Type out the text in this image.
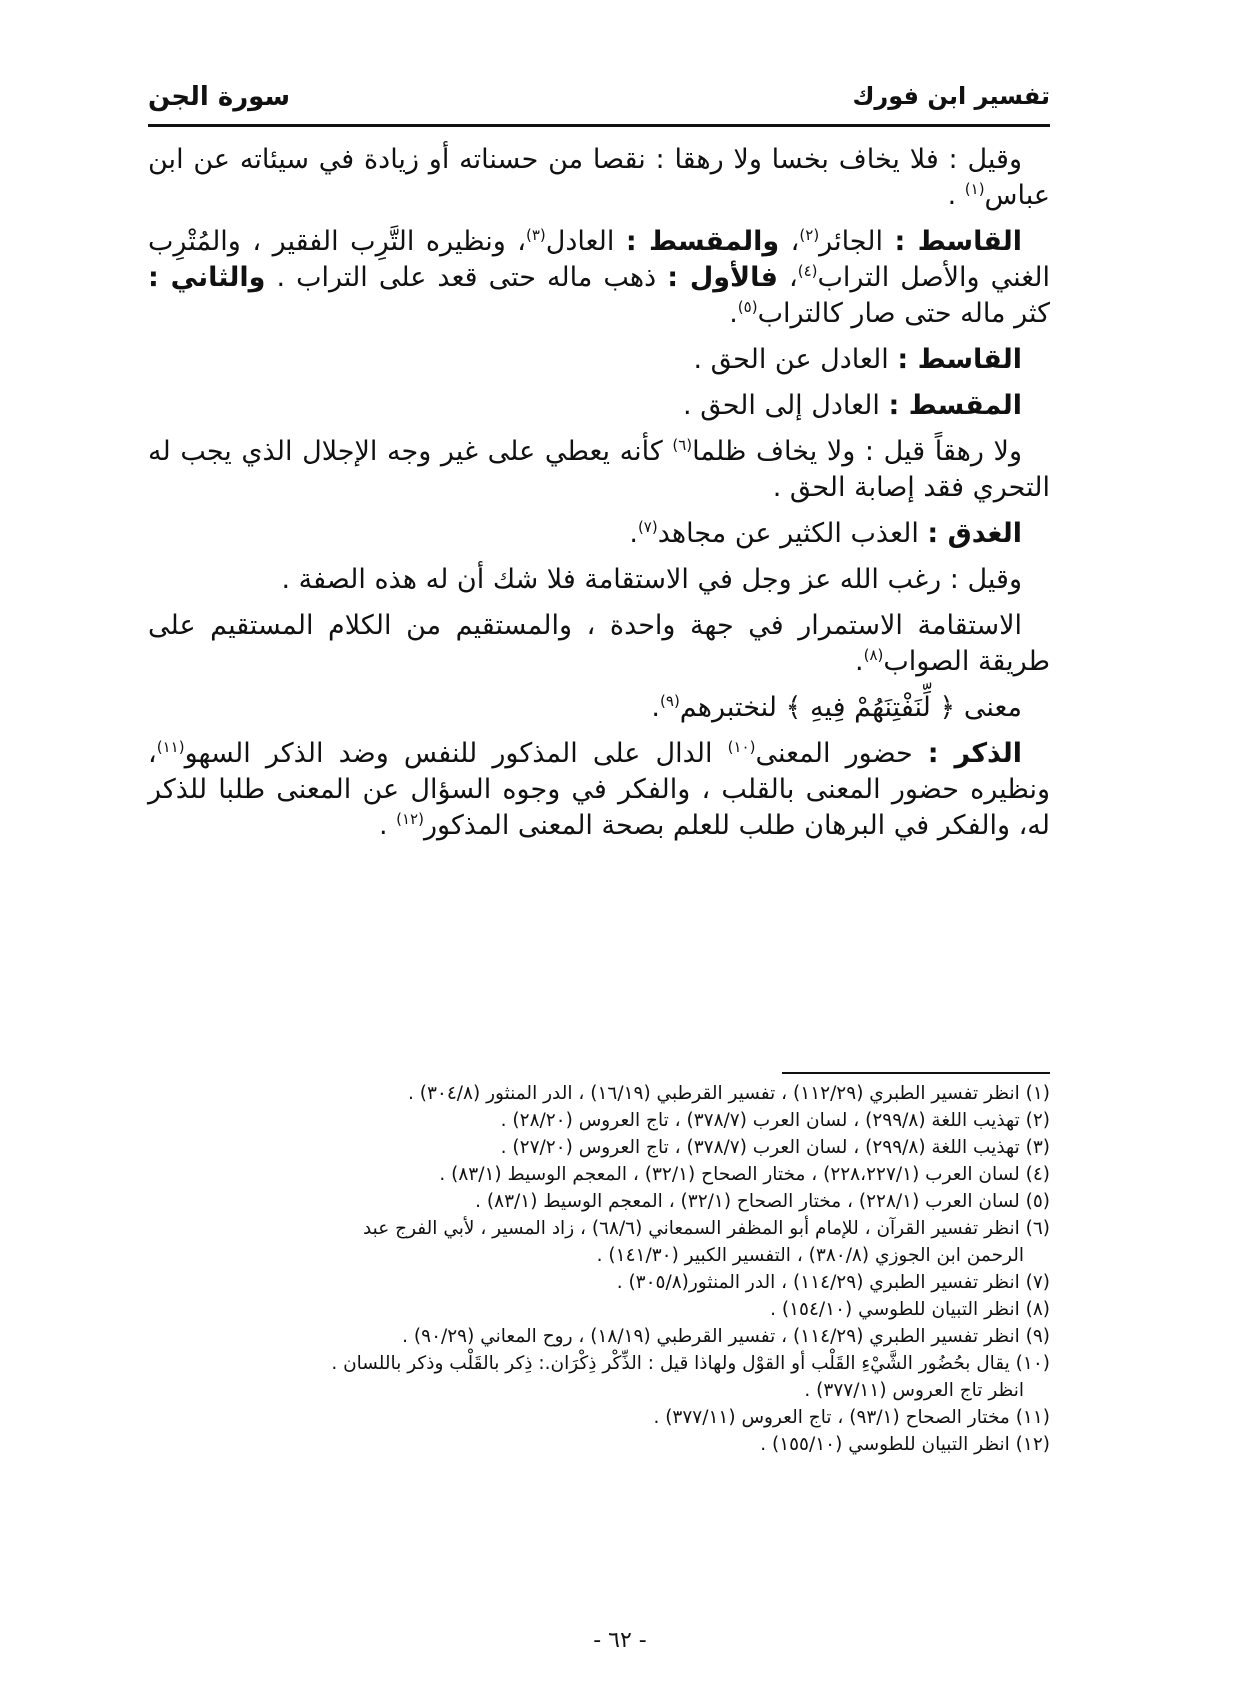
تفسير ابن فورك
سورة الجن

وقيل : فلا يخاف بخسا ولا رهقا : نقصا من حسناته أو زيادة في سيئاته عن ابن عباس$^{(١)}$ .

القاسط : الجائر$^{(٢)}$، والمقسط : العادل$^{(٣)}$، ونظيره التَّرِب الفقير ، والمُتْرِب الغني والأصل التراب$^{(٤)}$، فالأول : ذهب ماله حتى قعد على التراب . والثاني : كثر ماله حتى صار كالتراب$^{(٥)}$.

القاسط : العادل عن الحق .

المقسط : العادل إلى الحق .

ولا رهقاً قيل : ولا يخاف ظلما$^{(٦)}$ كأنه يعطي على غير وجه الإجلال الذي يجب له التحري فقد إصابة الحق .

الغدق : العذب الكثير عن مجاهد$^{(٧)}$.

وقيل : رغب الله عز وجل في الاستقامة فلا شك أن له هذه الصفة .

الاستقامة الاستمرار في جهة واحدة ، والمستقيم من الكلام المستقيم على طريقة الصواب$^{(٨)}$.

معنى ﴿ لِّنَفْتِنَهُمْ فِيهِ ﴾ لنختبرهم$^{(٩)}$.

الذكر : حضور المعنى$^{(١٠)}$ الدال على المذكور للنفس وضد الذكر السهو$^{(١١)}$، ونظيره حضور المعنى بالقلب ، والفكر في وجوه السؤال عن المعنى طلبا للذكر له، والفكر في البرهان طلب للعلم بصحة المعنى المذكور$^{(١٢)}$ .

(١) انظر تفسير الطبري (١١٢/٢٩) ، تفسير القرطبي (١٦/١٩) ، الدر المنثور (٣٠٤/٨) .

(٢) تهذيب اللغة (٢٩٩/٨) ، لسان العرب (٣٧٨/٧) ، تاج العروس (٢٨/٢٠) .

(٣) تهذيب اللغة (٢٩٩/٨) ، لسان العرب (٣٧٨/٧) ، تاج العروس (٢٧/٢٠) .

(٤) لسان العرب (٢٢٨،٢٢٧/١) ، مختار الصحاح (٣٢/١) ، المعجم الوسيط (٨٣/١) .

(٥) لسان العرب (٢٢٨/١) ، مختار الصحاح (٣٢/١) ، المعجم الوسيط (٨٣/١) .

(٦) انظر تفسير القرآن ، للإمام أبو المظفر السمعاني (٦٨/٦) ، زاد المسير ، لأبي الفرج عبد
الرحمن ابن الجوزي (٣٨٠/٨) ، التفسير الكبير (١٤١/٣٠) .

(٧) انظر تفسير الطبري (١١٤/٢٩) ، الدر المنثور(٣٠٥/٨) .

(٨) انظر التبيان للطوسي (١٥٤/١٠) .

(٩) انظر تفسير الطبري (١١٤/٢٩) ، تفسير القرطبي (١٨/١٩) ، روح المعاني (٩٠/٢٩) .

(١٠) يقال بحُضُور الشَّيْءِ القَلْب أو القوْل ولهاذا قيل : الذِّكْر ذِكْرَان.: ذِكر بالقَلْب وذكر باللسان .
انظر تاج العروس (٣٧٧/١١) .

(١١) مختار الصحاح (٩٣/١) ، تاج العروس (٣٧٧/١١) .

(١٢) انظر التبيان للطوسي (١٥٥/١٠) .

- ٦٢ -
